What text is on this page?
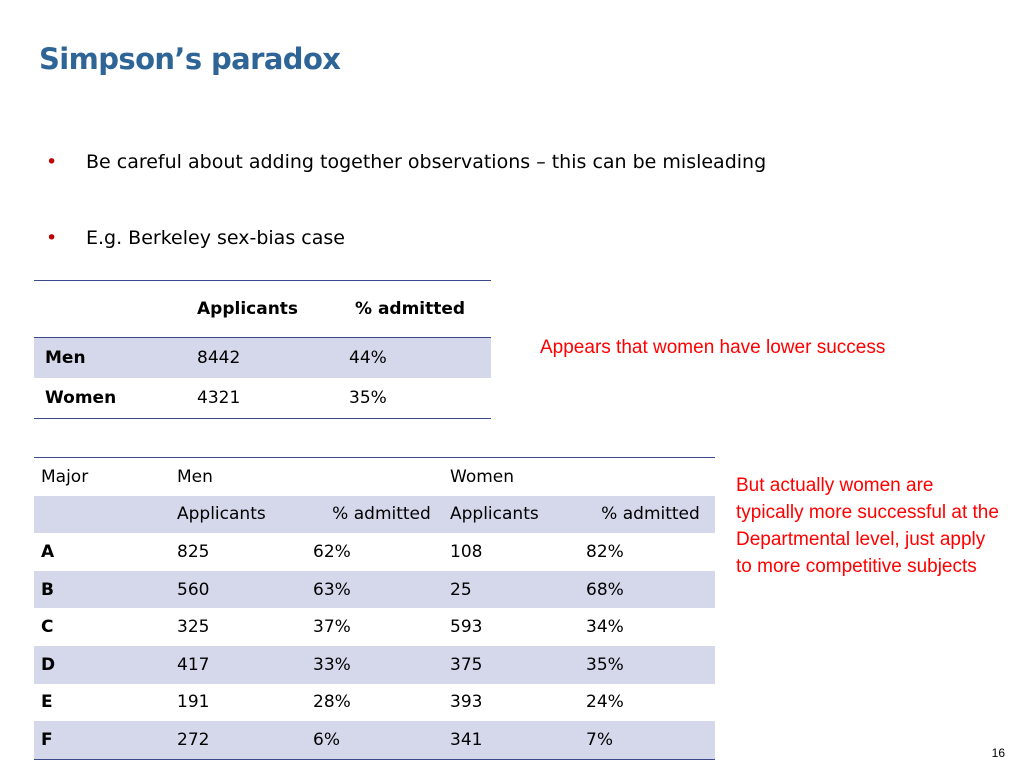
Simpson’s paradox
• Be careful about adding together observations – this can be misleading
• E.g. Berkeley sex-bias case
	Applicants	% admitted
Men	8442	44%
Women	4321	35%
Appears that women have lower success
Major	Men		Women	
	Applicants	% admitted	Applicants	% admitted
A	825	62%	108	82%
B	560	63%	25	68%
C	325	37%	593	34%
D	417	33%	375	35%
E	191	28%	393	24%
F	272	6%	341	7%
But actually women are typically more successful at the Departmental level, just apply to more competitive subjects
16
